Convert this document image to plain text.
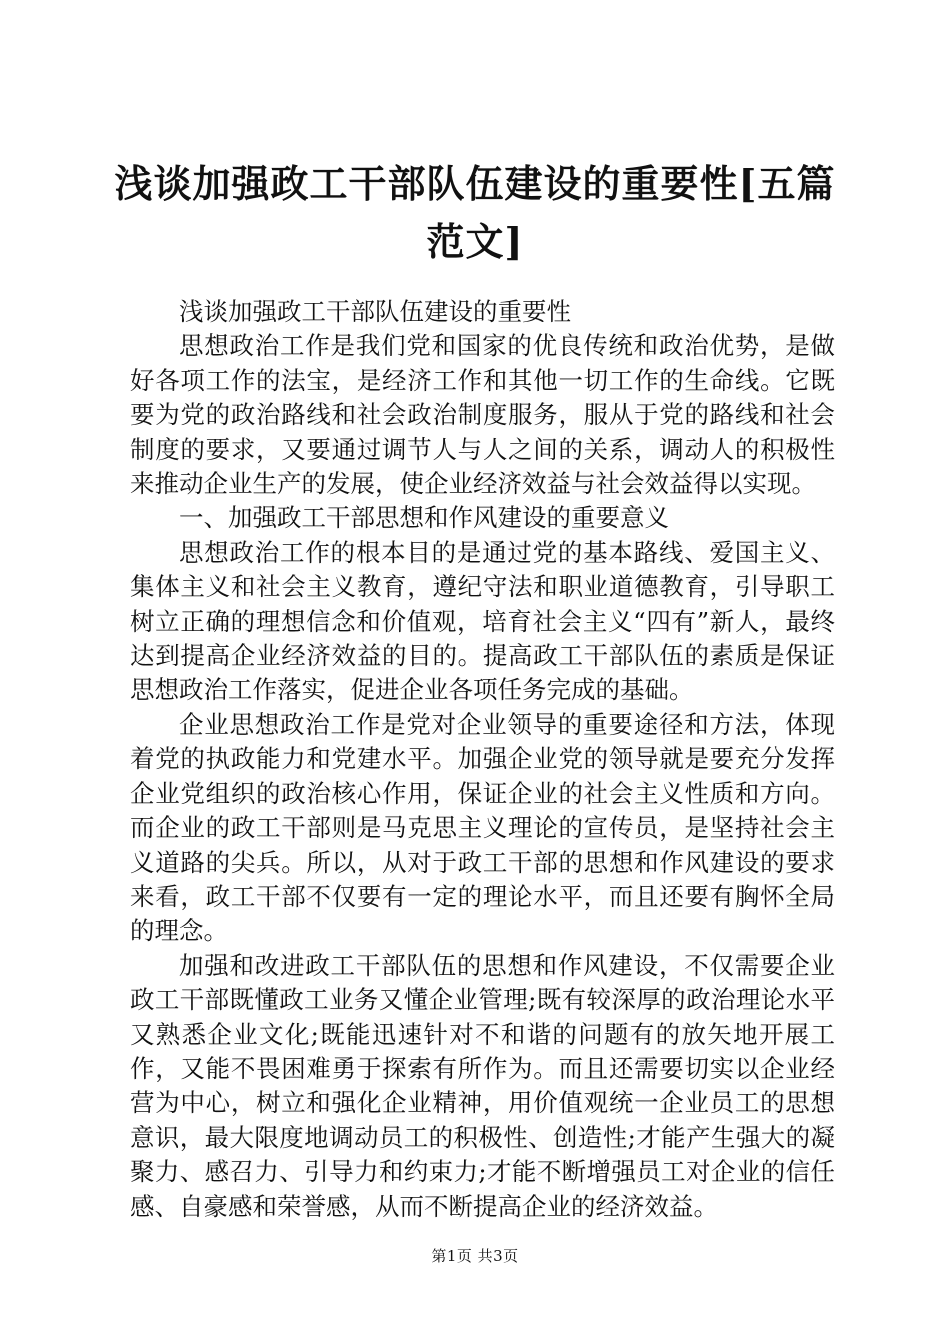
浅谈加强政工干部队伍建设的重要性[五篇范文]

浅谈加强政工干部队伍建设的重要性

思想政治工作是我们党和国家的优良传统和政治优势，是做好各项工作的法宝，是经济工作和其他一切工作的生命线。它既要为党的政治路线和社会政治制度服务，服从于党的路线和社会制度的要求，又要通过调节人与人之间的关系，调动人的积极性来推动企业生产的发展，使企业经济效益与社会效益得以实现。

一、加强政工干部思想和作风建设的重要意义

思想政治工作的根本目的是通过党的基本路线、爱国主义、集体主义和社会主义教育，遵纪守法和职业道德教育，引导职工树立正确的理想信念和价值观，培育社会主义“四有”新人，最终达到提高企业经济效益的目的。提高政工干部队伍的素质是保证思想政治工作落实，促进企业各项任务完成的基础。

企业思想政治工作是党对企业领导的重要途径和方法，体现着党的执政能力和党建水平。加强企业党的领导就是要充分发挥企业党组织的政治核心作用，保证企业的社会主义性质和方向。而企业的政工干部则是马克思主义理论的宣传员，是坚持社会主义道路的尖兵。所以，从对于政工干部的思想和作风建设的要求来看，政工干部不仅要有一定的理论水平，而且还要有胸怀全局的理念。

加强和改进政工干部队伍的思想和作风建设，不仅需要企业政工干部既懂政工业务又懂企业管理;既有较深厚的政治理论水平又熟悉企业文化;既能迅速针对不和谐的问题有的放矢地开展工作，又能不畏困难勇于探索有所作为。而且还需要切实以企业经营为中心，树立和强化企业精神，用价值观统一企业员工的思想意识，最大限度地调动员工的积极性、创造性;才能产生强大的凝聚力、感召力、引导力和约束力;才能不断增强员工对企业的信任感、自豪感和荣誉感，从而不断提高企业的经济效益。

第1页 共3页
